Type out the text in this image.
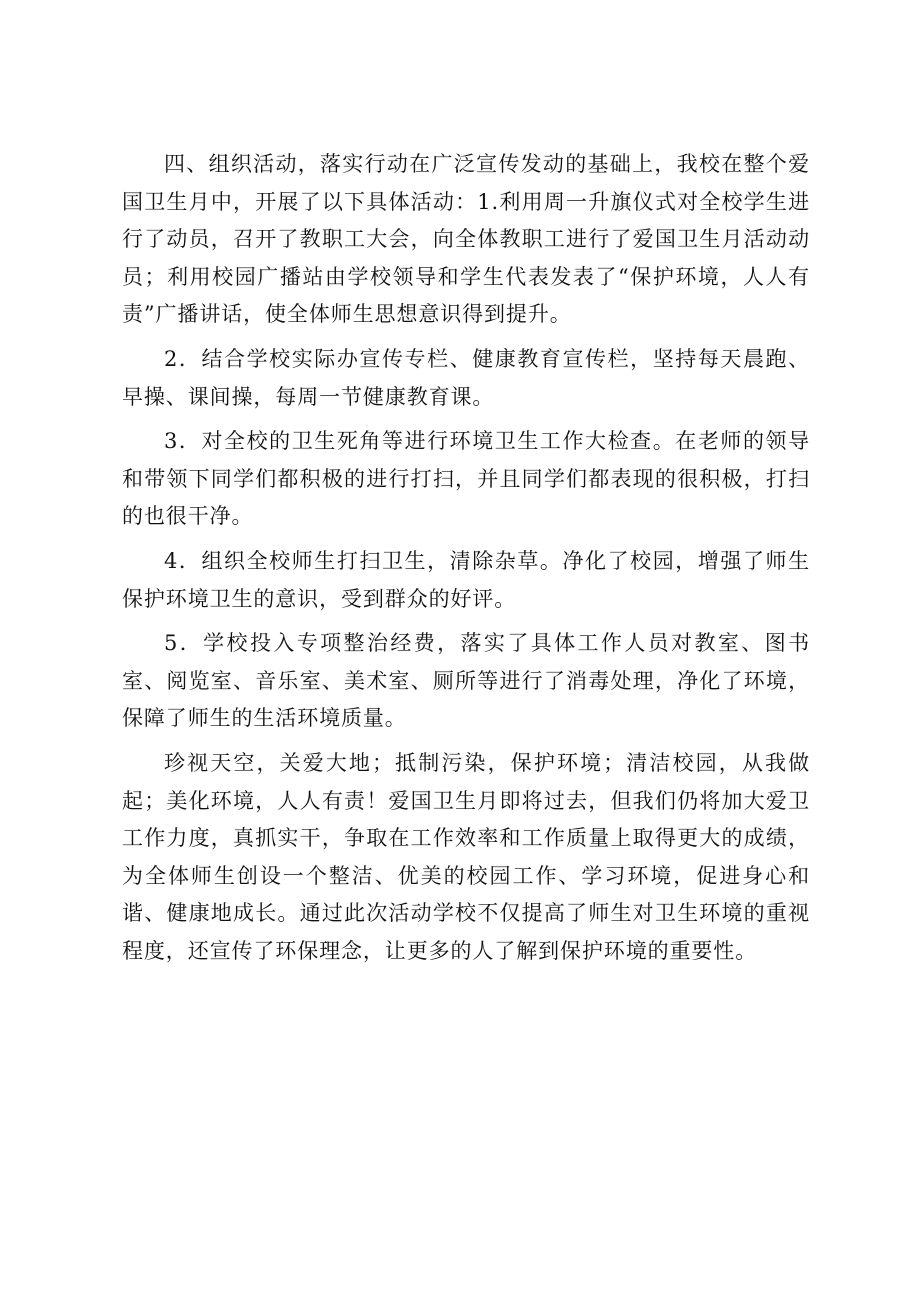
四、组织活动，落实行动在广泛宣传发动的基础上，我校在整个爱国卫生月中，开展了以下具体活动：1.利用周一升旗仪式对全校学生进行了动员，召开了教职工大会，向全体教职工进行了爱国卫生月活动动员；利用校园广播站由学校领导和学生代表发表了“保护环境，人人有责”广播讲话，使全体师生思想意识得到提升。

2．结合学校实际办宣传专栏、健康教育宣传栏，坚持每天晨跑、早操、课间操，每周一节健康教育课。

3．对全校的卫生死角等进行环境卫生工作大检查。在老师的领导和带领下同学们都积极的进行打扫，并且同学们都表现的很积极，打扫的也很干净。

4．组织全校师生打扫卫生，清除杂草。净化了校园，增强了师生保护环境卫生的意识，受到群众的好评。

5．学校投入专项整治经费，落实了具体工作人员对教室、图书室、阅览室、音乐室、美术室、厕所等进行了消毒处理，净化了环境，保障了师生的生活环境质量。

珍视天空，关爱大地；抵制污染，保护环境；清洁校园，从我做起；美化环境，人人有责！爱国卫生月即将过去，但我们仍将加大爱卫工作力度，真抓实干，争取在工作效率和工作质量上取得更大的成绩，为全体师生创设一个整洁、优美的校园工作、学习环境，促进身心和谐、健康地成长。通过此次活动学校不仅提高了师生对卫生环境的重视程度，还宣传了环保理念，让更多的人了解到保护环境的重要性。
